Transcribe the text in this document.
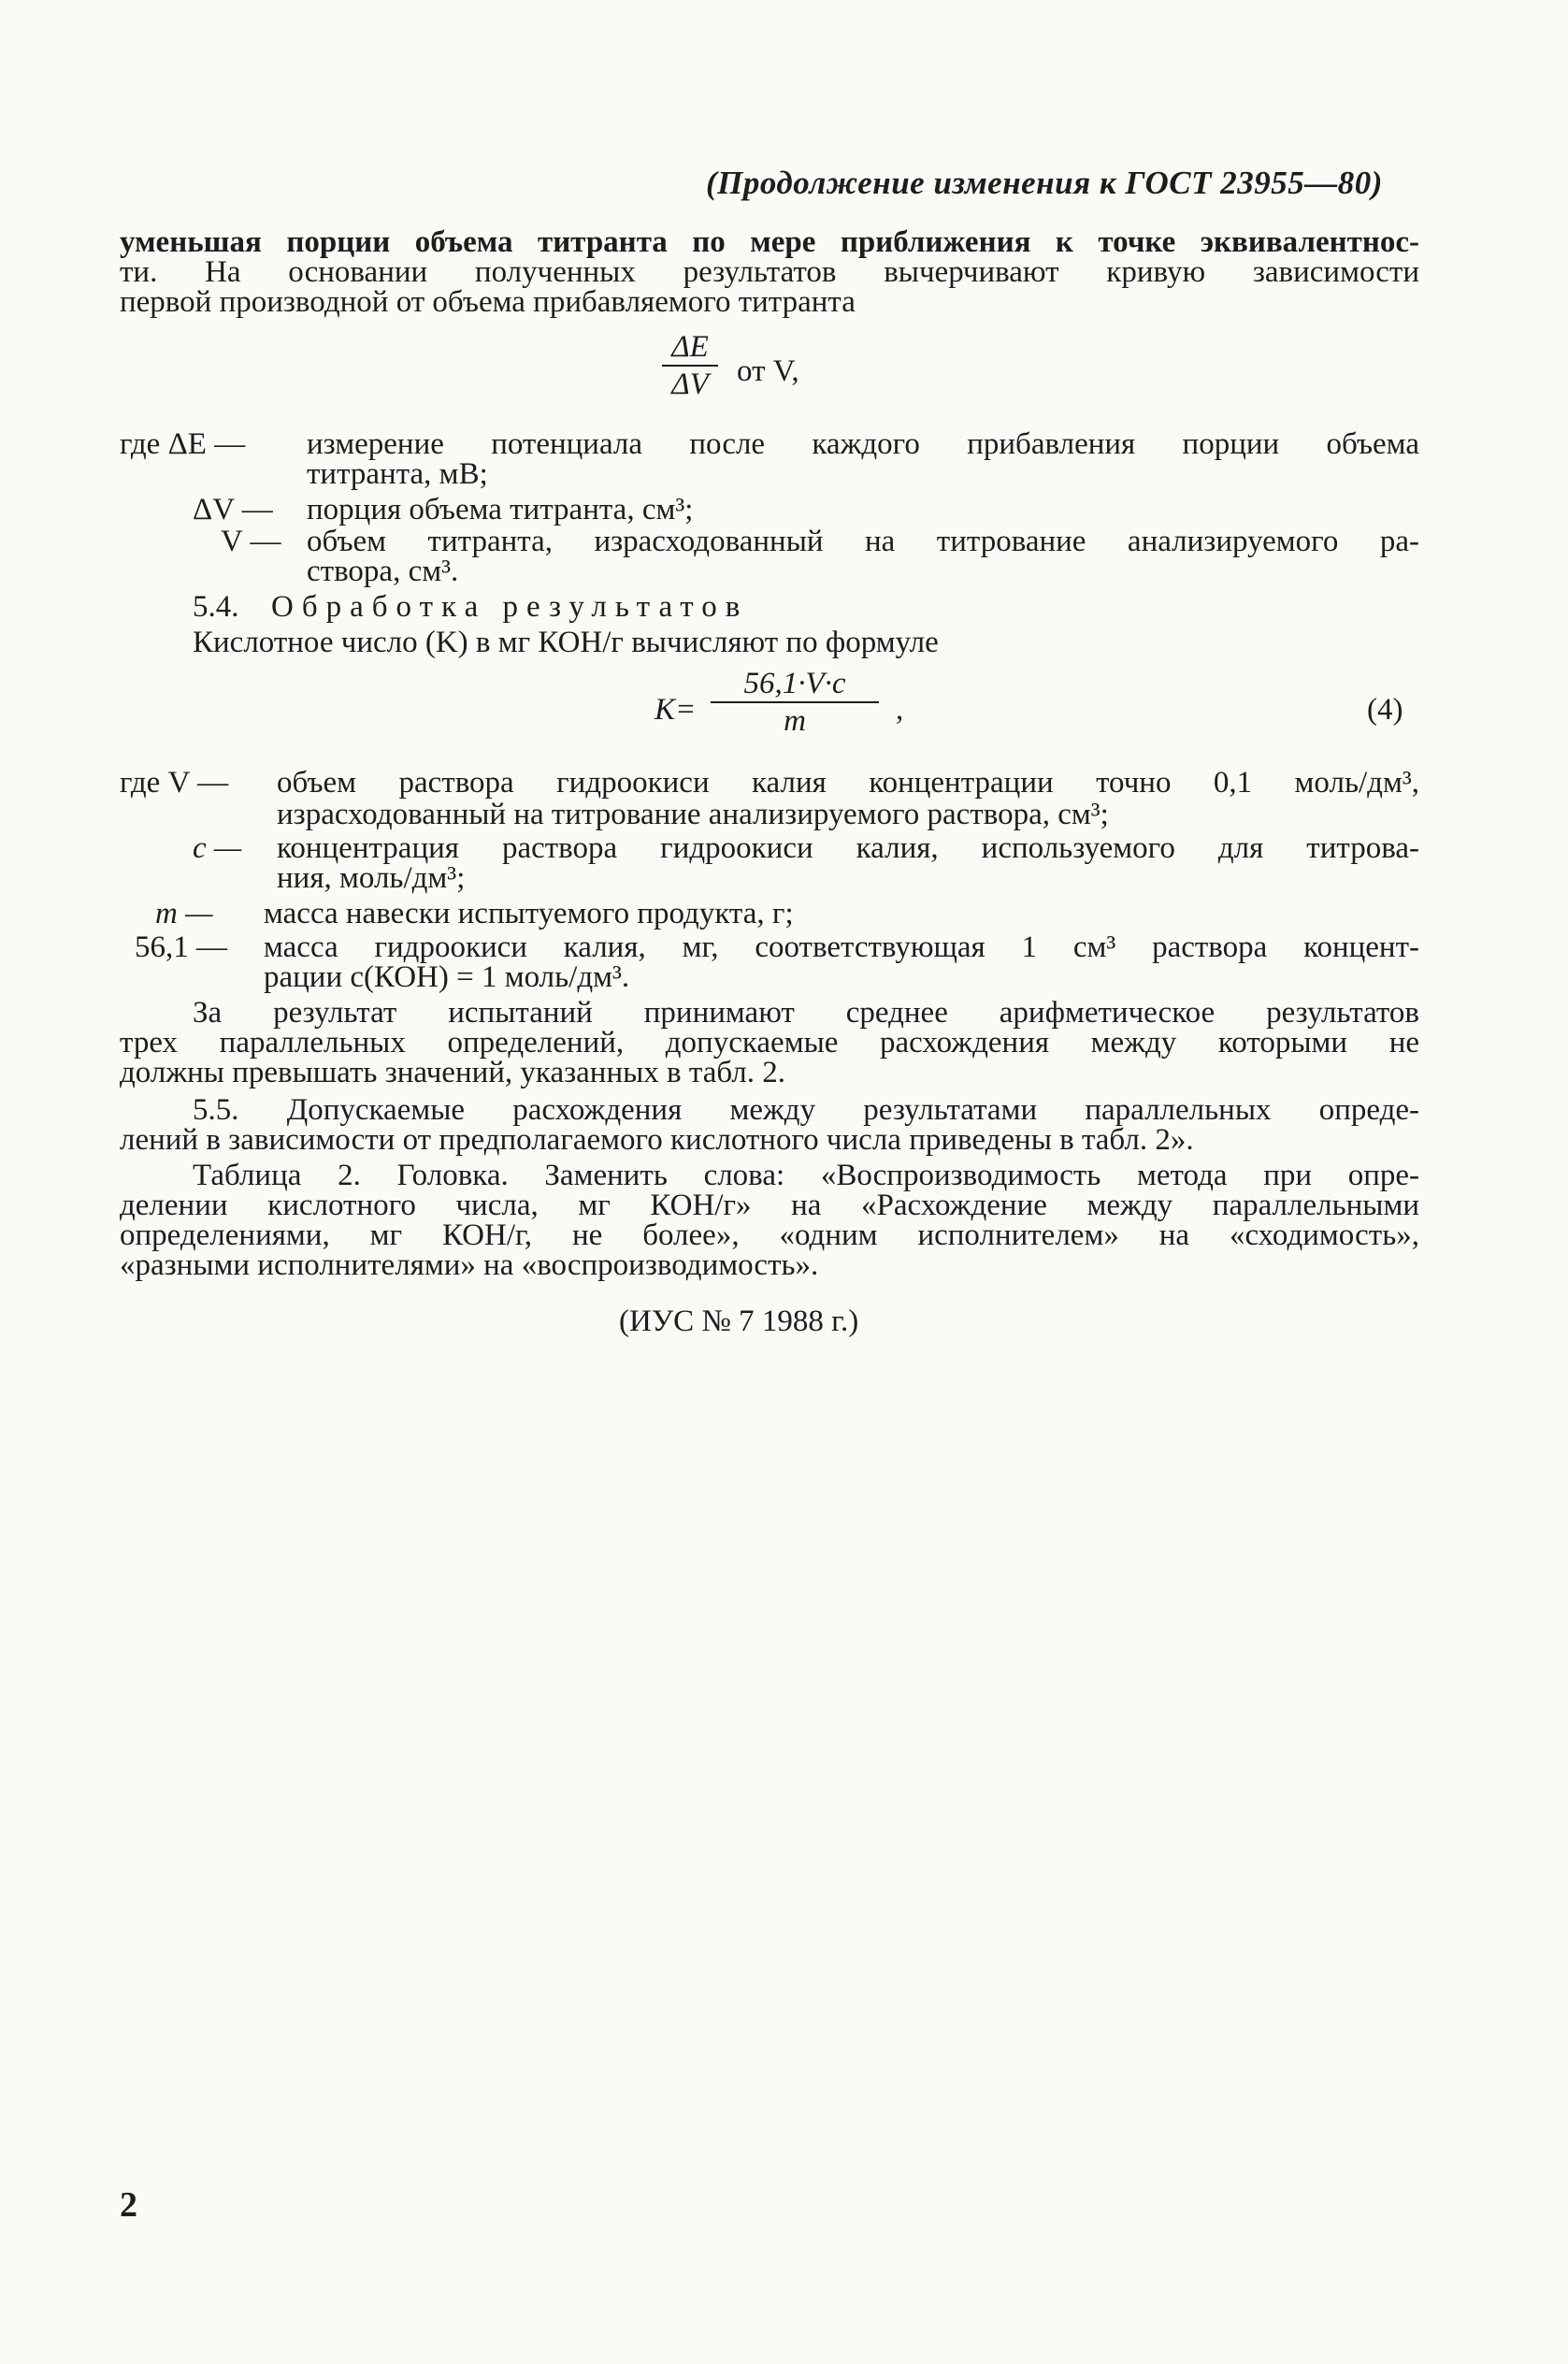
(Продолжение изменения к ГОСТ 23955—80)
уменьшая порции объема титранта по мере приближения к точке эквивалентнос-
ти. На основании полученных результатов вычерчивают кривую зависимости
первой производной от объема прибавляемого титранта
$\frac{\Delta E}{\Delta V}$ от V,
где ΔE — измерение потенциала после каждого прибавления порции объема
титранта, мВ;
ΔV — порция объема титранта, см³;
V — объем титранта, израсходованный на титрование анализируемого ра-
створа, см³.
5.4. Обработка результатов
Кислотное число (K) в мг КОН/г вычисляют по формуле
$K= \frac{56,1\cdot V\cdot c}{m}$ ,	(4)
где V — объем раствора гидроокиси калия концентрации точно 0,1 моль/дм³,
израсходованный на титрование анализируемого раствора, см³;
c — концентрация раствора гидроокиси калия, используемого для титрова-
ния, моль/дм³;
m — масса навески испытуемого продукта, г;
56,1 — масса гидроокиси калия, мг, соответствующая 1 см³ раствора концент-
рации c(КОН) = 1 моль/дм³.
За результат испытаний принимают среднее арифметическое результатов
трех параллельных определений, допускаемые расхождения между которыми не
должны превышать значений, указанных в табл. 2.
5.5. Допускаемые расхождения между результатами параллельных опреде-
лений в зависимости от предполагаемого кислотного числа приведены в табл. 2».
Таблица 2. Головка. Заменить слова: «Воспроизводимость метода при опре-
делении кислотного числа, мг КОН/г» на «Расхождение между параллельными
определениями, мг КОН/г, не более», «одним исполнителем» на «сходимость»,
«разными исполнителями» на «воспроизводимость».
(ИУС № 7 1988 г.)
2
